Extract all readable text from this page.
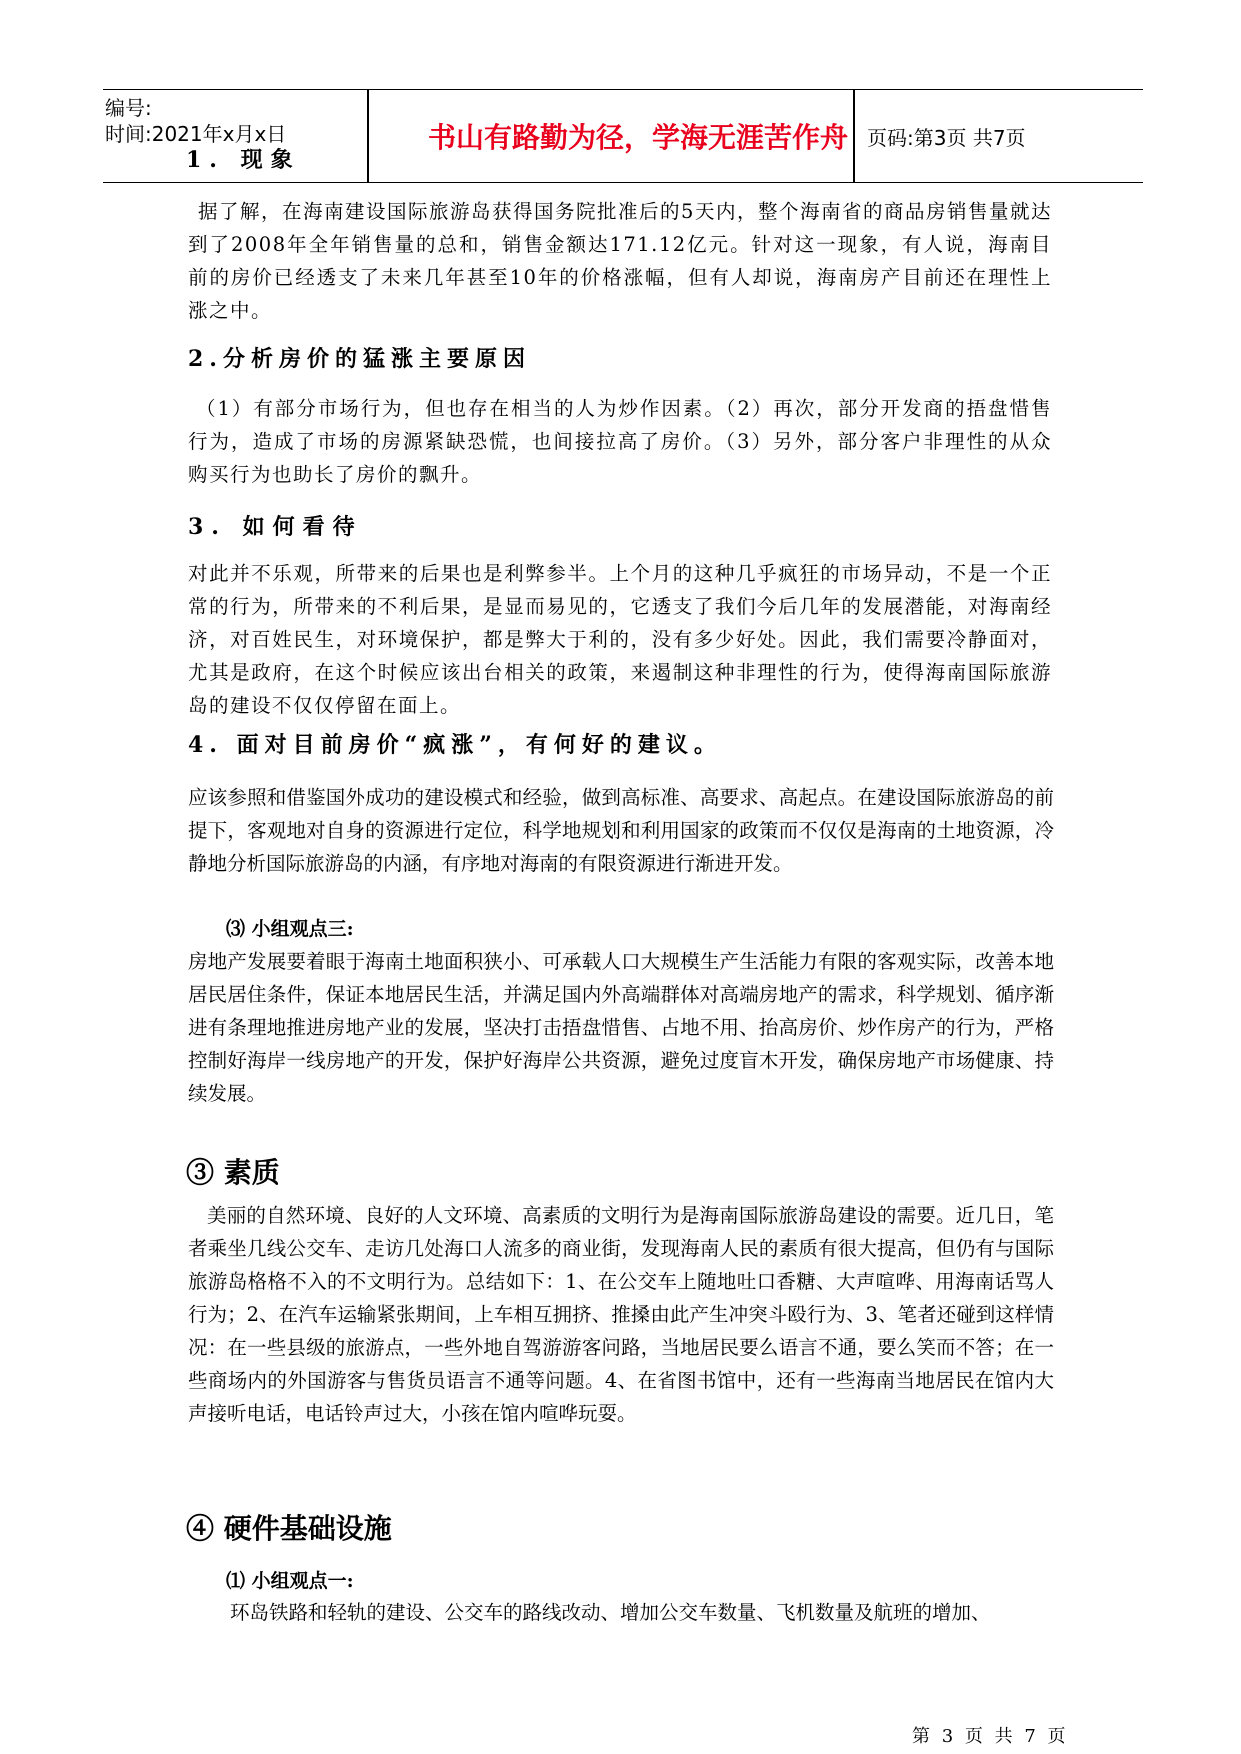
编号:
时间:2021年x月x日	书山有路勤为径，学海无涯苦作舟 页码:第3页 共7页
1. 现象
据了解，在海南建设国际旅游岛获得国务院批准后的5天内，整个海南省的商品房销售量就达到了2008年全年销售量的总和，销售金额达171.12亿元。针对这一现象，有人说，海南目前的房价已经透支了未来几年甚至10年的价格涨幅，但有人却说，海南房产目前还在理性上涨之中。
2.分析房价的猛涨主要原因
（1）有部分市场行为，但也存在相当的人为炒作因素。（2）再次，部分开发商的捂盘惜售行为，造成了市场的房源紧缺恐慌，也间接拉高了房价。（3）另外，部分客户非理性的从众购买行为也助长了房价的飘升。
3. 如何看待
对此并不乐观，所带来的后果也是利弊参半。上个月的这种几乎疯狂的市场异动，不是一个正常的行为，所带来的不利后果，是显而易见的，它透支了我们今后几年的发展潜能，对海南经济，对百姓民生，对环境保护，都是弊大于利的，没有多少好处。因此，我们需要冷静面对，尤其是政府，在这个时候应该出台相关的政策，来遏制这种非理性的行为，使得海南国际旅游岛的建设不仅仅停留在面上。
4. 面对目前房价“疯涨”，有何好的建议。
应该参照和借鉴国外成功的建设模式和经验，做到高标准、高要求、高起点。在建设国际旅游岛的前提下，客观地对自身的资源进行定位，科学地规划和利用国家的政策而不仅仅是海南的土地资源，冷静地分析国际旅游岛的内涵，有序地对海南的有限资源进行渐进开发。
⑶ 小组观点三:
房地产发展要着眼于海南土地面积狭小、可承载人口大规模生产生活能力有限的客观实际，改善本地居民居住条件，保证本地居民生活，并满足国内外高端群体对高端房地产的需求，科学规划、循序渐进有条理地推进房地产业的发展，坚决打击捂盘惜售、占地不用、抬高房价、炒作房产的行为，严格控制好海岸一线房地产的开发，保护好海岸公共资源，避免过度盲木开发，确保房地产市场健康、持续发展。
③ 素质
美丽的自然环境、良好的人文环境、高素质的文明行为是海南国际旅游岛建设的需要。近几日，笔者乘坐几线公交车、走访几处海口人流多的商业街，发现海南人民的素质有很大提高，但仍有与国际旅游岛格格不入的不文明行为。总结如下：1、在公交车上随地吐口香糖、大声喧哗、用海南话骂人行为；2、在汽车运输紧张期间，上车相互拥挤、推搡由此产生冲突斗殴行为、3、笔者还碰到这样情况：在一些县级的旅游点，一些外地自驾游游客问路，当地居民要么语言不通，要么笑而不答；在一些商场内的外国游客与售货员语言不通等问题。4、在省图书馆中，还有一些海南当地居民在馆内大声接听电话，电话铃声过大，小孩在馆内喧哗玩耍。
④ 硬件基础设施
⑴ 小组观点一:
环岛铁路和轻轨的建设、公交车的路线改动、增加公交车数量、飞机数量及航班的增加、
第 3 页 共 7 页
